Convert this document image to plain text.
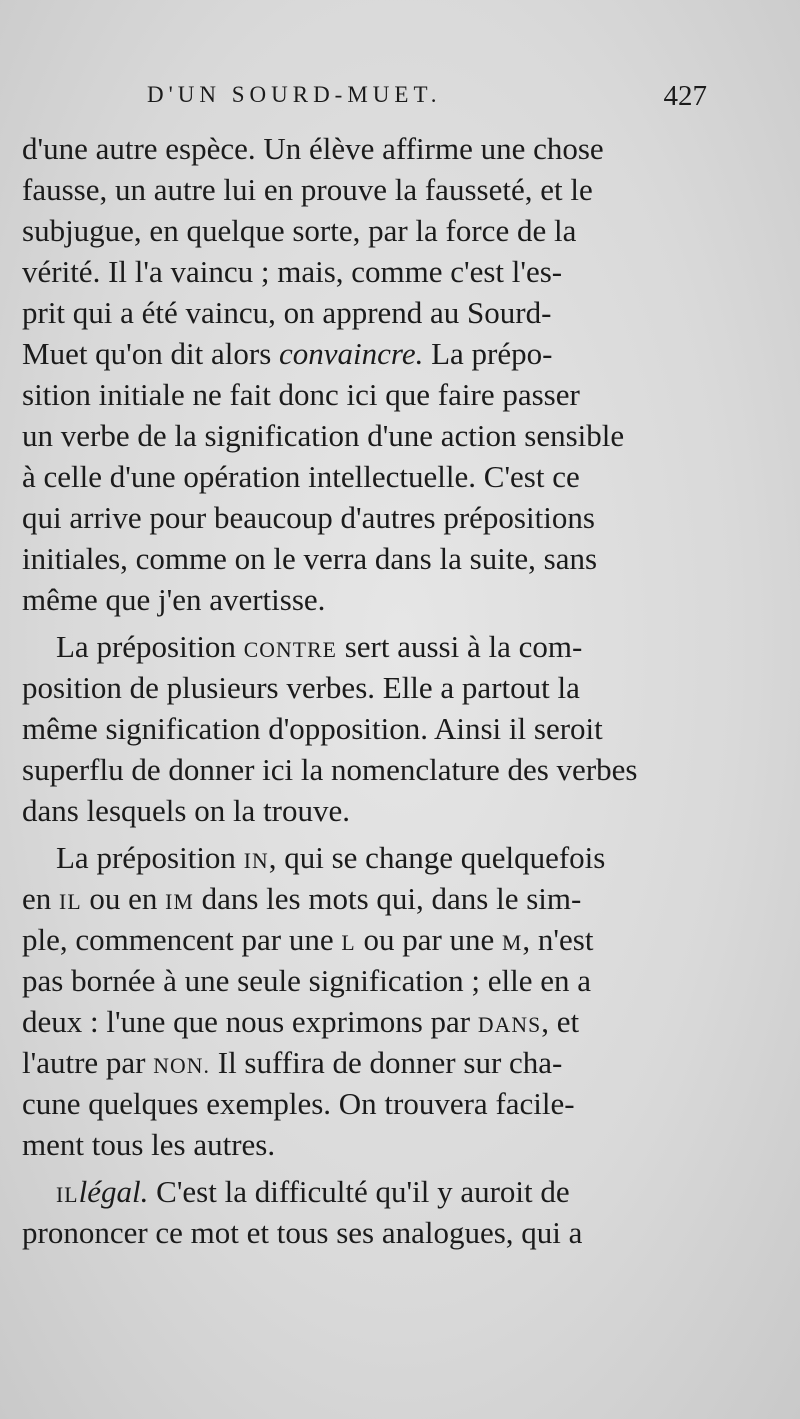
D'UN SOURD-MUET.	427
d'une autre espèce. Un élève affirme une chose
fausse, un autre lui en prouve la fausseté, et le
subjugue, en quelque sorte, par la force de la
vérité. Il l'a vaincu ; mais, comme c'est l'es-
prit qui a été vaincu, on apprend au Sourd-
Muet qu'on dit alors convaincre. La prépo-
sition initiale ne fait donc ici que faire passer
un verbe de la signification d'une action sensible
à celle d'une opération intellectuelle. C'est ce
qui arrive pour beaucoup d'autres prépositions
initiales, comme on le verra dans la suite, sans
même que j'en avertisse.
La préposition CONTRE sert aussi à la com-
position de plusieurs verbes. Elle a partout la
même signification d'opposition. Ainsi il seroit
superflu de donner ici la nomenclature des verbes
dans lesquels on la trouve.
La préposition IN, qui se change quelquefois
en IL ou en IM dans les mots qui, dans le sim-
ple, commencent par une L ou par une M, n'est
pas bornée à une seule signification ; elle en a
deux : l'une que nous exprimons par DANS, et
l'autre par NON. Il suffira de donner sur cha-
cune quelques exemples. On trouvera facile-
ment tous les autres.
ILlégal. C'est la difficulté qu'il y auroit de
prononcer ce mot et tous ses analogues, qui a
